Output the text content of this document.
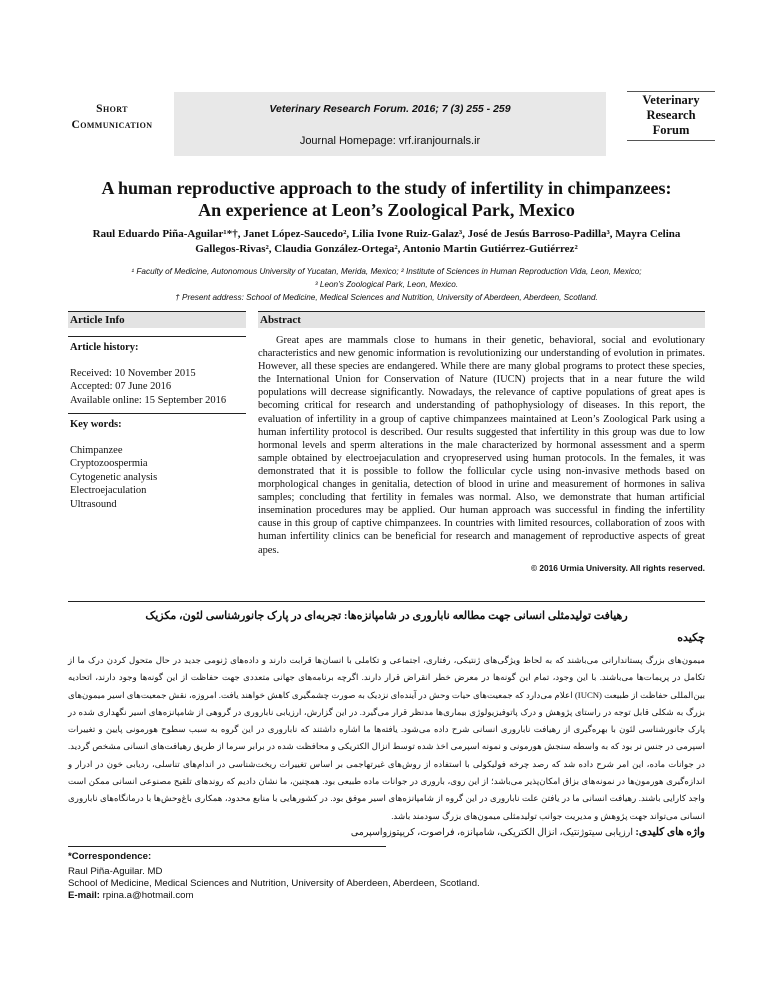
Short
Communication
Veterinary Research Forum. 2016; 7 (3) 255 - 259
Journal Homepage: vrf.iranjournals.ir
Veterinary
Research
Forum
A human reproductive approach to the study of infertility in chimpanzees:
An experience at Leon’s Zoological Park, Mexico
Raul Eduardo Piña-Aguilar¹*†, Janet López-Saucedo², Lilia Ivone Ruiz-Galaz³, José de Jesús Barroso-Padilla³, Mayra Celina
Gallegos-Rivas², Claudia González-Ortega², Antonio Martin Gutiérrez-Gutiérrez²
¹ Faculty of Medicine, Autonomous University of Yucatan, Merida, Mexico; ² Institute of Sciences in Human Reproduction Vida, Leon, Mexico;
³ Leon’s Zoological Park, Leon, Mexico.
† Present address: School of Medicine, Medical Sciences and Nutrition, University of Aberdeen, Aberdeen, Scotland.
Article Info
Article history:
Received: 10 November 2015
Accepted: 07 June 2016
Available online: 15 September 2016
Key words:
Chimpanzee
Cryptozoospermia
Cytogenetic analysis
Electroejaculation
Ultrasound
Abstract
Great apes are mammals close to humans in their genetic, behavioral, social and evolutionary characteristics and new genomic information is revolutionizing our understanding of evolution in primates. However, all these species are endangered. While there are many global programs to protect these species, the International Union for Conservation of Nature (IUCN) projects that in a near future the wild populations will decrease significantly. Nowadays, the relevance of captive populations of great apes is becoming critical for research and understanding of pathophysiology of diseases. In this report, the evaluation of infertility in a group of captive chimpanzees maintained at Leon’s Zoological Park using a human infertility protocol is described. Our results suggested that infertility in this group was due to low hormonal levels and sperm alterations in the male characterized by hormonal assessment and a sperm sample obtained by electroejaculation and cryopreserved using human protocols. In the females, it was demonstrated that it is possible to follow the follicular cycle using non-invasive methods based on morphological changes in genitalia, detection of blood in urine and measurement of hormones in saliva samples; concluding that fertility in females was normal. Also, we demonstrate that human artificial insemination procedures may be applied. Our human approach was successful in finding the infertility cause in this group of captive chimpanzees. In countries with limited resources, collaboration of zoos with human infertility clinics can be beneficial for research and management of reproductive aspects of great apes.
© 2016 Urmia University. All rights reserved.
رهیافت تولیدمثلی انسانی جهت مطالعه ناباروری در شامپانزه‌ها: تجربه‌ای در پارک جانورشناسی لئون، مکزیک
چکیده
میمون‌های بزرگ پستاندارانی می‌باشند که به لحاظ ویژگی‌های ژنتیکی، رفتاری، اجتماعی و تکاملی با انسان‌ها قرابت دارند و داده‌های ژنومی جدید در حال متحول کردن درک ما از تکامل در پریمات‌ها می‌باشند. با این وجود، تمام این گونه‌ها در معرض خطر انقراض قرار دارند. اگرچه برنامه‌های جهانی متعددی جهت حفاظت از این گونه‌ها وجود دارند، اتحادیه بین‌المللی حفاظت از طبیعت (IUCN) اعلام می‌دارد که جمعیت‌های حیات وحش در آینده‌ای نزدیک به صورت چشمگیری کاهش خواهند یافت. امروزه، نقش جمعیت‌های اسیر میمون‌های بزرگ به شکلی قابل توجه در راستای پژوهش و درک پاتوفیزیولوژی بیماری‌ها مدنظر قرار می‌گیرد. در این گزارش، ارزیابی ناباروری در گروهی از شامپانزه‌های اسیر نگهداری شده در پارک جانورشناسی لئون با بهره‌گیری از رهیافت ناباروری انسانی شرح داده می‌شود. یافته‌ها ما اشاره داشتند که ناباروری در این گروه به سبب سطوح هورمونی پایین و تغییرات اسپرمی در جنس نر بود که به واسطه سنجش هورمونی و نمونه اسپرمی اخذ شده توسط انزال الکتریکی و محافظت شده در برابر سرما از طریق رهیافت‌های انسانی مشخص گردید. در جوانات ماده، این امر شرح داده شد که رصد چرخه فولیکولی با استفاده از روش‌های غیرتهاجمی بر اساس تغییرات ریخت‌شناسی در اندام‌های تناسلی، ردیابی خون در ادرار و اندازه‌گیری هورمون‌ها در نمونه‌های بزاق امکان‌پذیر می‌باشد؛ از این روی، باروری در جوانات ماده طبیعی بود. همچنین، ما نشان دادیم که روندهای تلقیح مصنوعی انسانی ممکن است واجد کارایی باشند. رهیافت انسانی ما در یافتن علت ناباروری در این گروه از شامپانزه‌های اسیر موفق بود. در کشورهایی با منابع محدود، همکاری باغ‌وحش‌ها با درمانگاه‌های ناباروری انسانی می‌تواند جهت پژوهش و مدیریت جوانب تولیدمثلی میمون‌های بزرگ سودمند باشد.
واژه های کلیدی: ارزیابی سیتوژنتیک، انزال الکتریکی، شامپانزه، فراصوت، کریپتوزواسپرمی
*Correspondence:
Raul Piña-Aguilar. MD
School of Medicine, Medical Sciences and Nutrition, University of Aberdeen, Aberdeen, Scotland.
E-mail: rpina.a@hotmail.com
